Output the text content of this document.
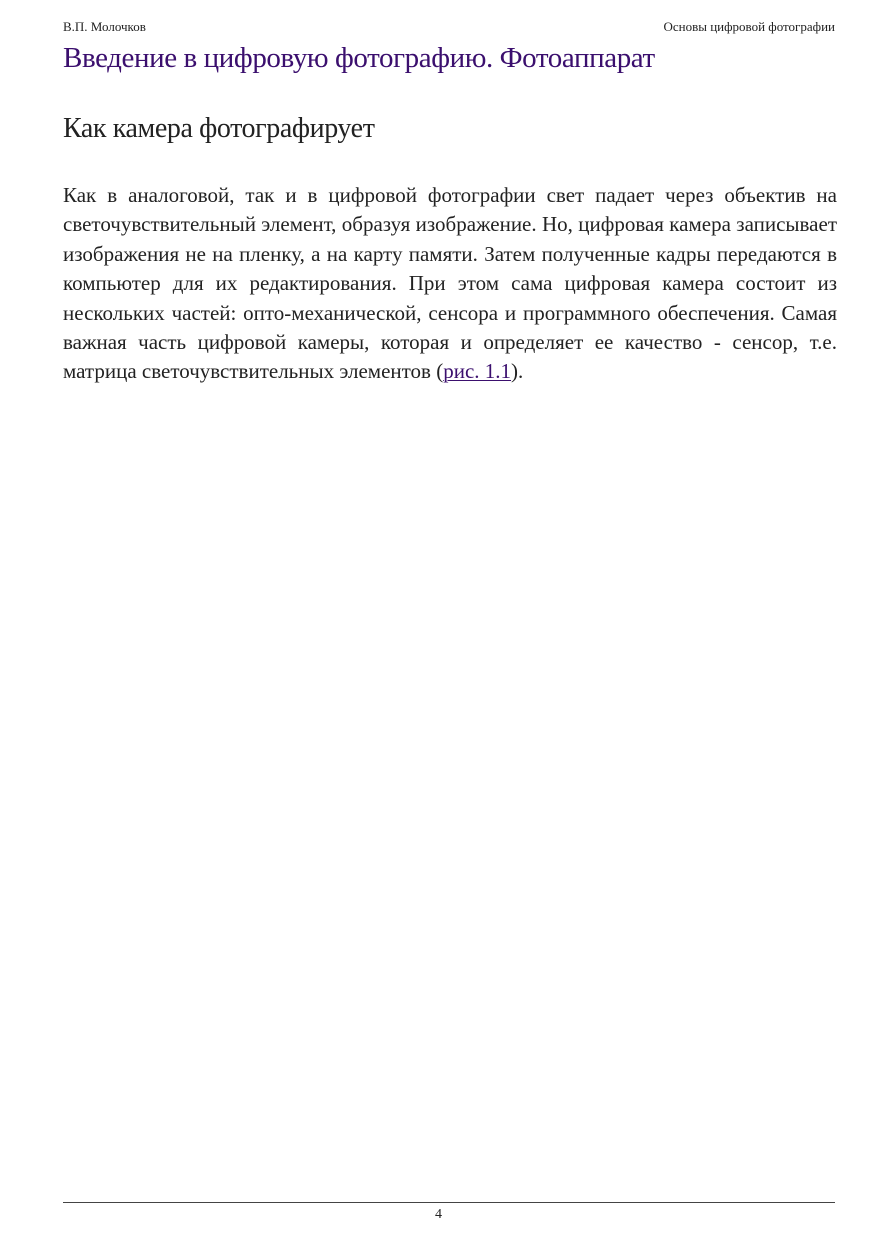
В.П. Молочков	Основы цифровой фотографии
Введение в цифровую фотографию. Фотоаппарат
Как камера фотографирует

Как в аналоговой, так и в цифровой фотографии свет падает через объектив на светочувствительный элемент, образуя изображение. Но, цифровая камера записывает изображения не на пленку, а на карту памяти. Затем полученные кадры передаются в компьютер для их редактирования. При этом сама цифровая камера состоит из нескольких частей: опто-механической, сенсора и программного обеспечения. Самая важная часть цифровой камеры, которая и определяет ее качество - сенсор, т.е. матрица светочувствительных элементов (рис. 1.1).

4
